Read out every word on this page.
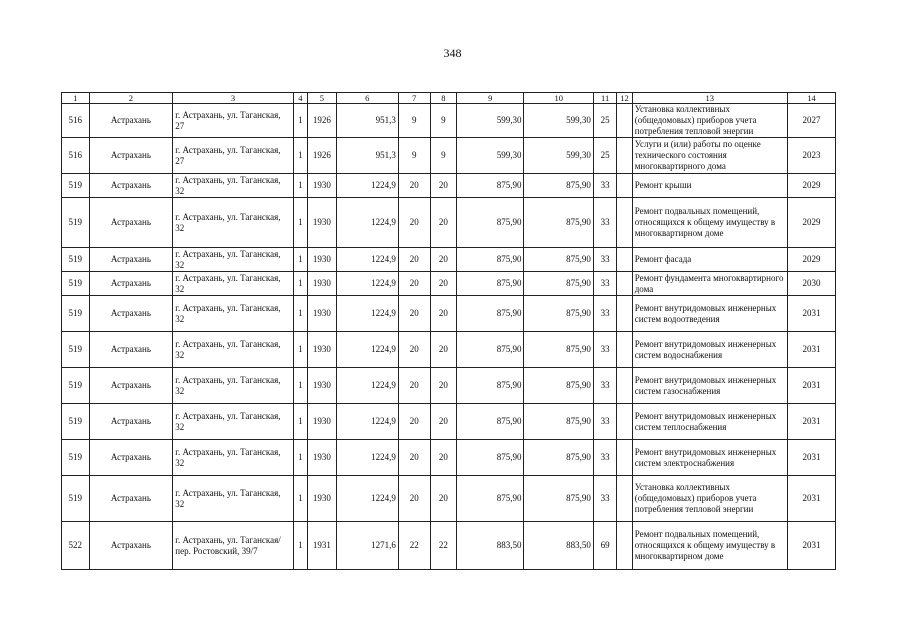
348
1	2	3	4	5	6	7	8	9	10	11	12	13	14
516	Астрахань	г. Астрахань, ул. Таганская, 27	1	1926	951,3	9	9	599,30	599,30	25		Установка коллективных (общедомовых) приборов учета потребления тепловой энергии	2027
516	Астрахань	г. Астрахань, ул. Таганская, 27	1	1926	951,3	9	9	599,30	599,30	25		Услуги и (или) работы по оценке технического состояния многоквартирного дома	2023
519	Астрахань	г. Астрахань, ул. Таганская, 32	1	1930	1224,9	20	20	875,90	875,90	33		Ремонт крыши	2029
519	Астрахань	г. Астрахань, ул. Таганская, 32	1	1930	1224,9	20	20	875,90	875,90	33		Ремонт подвальных помещений, относящихся к общему имуществу в многоквартирном доме	2029
519	Астрахань	г. Астрахань, ул. Таганская, 32	1	1930	1224,9	20	20	875,90	875,90	33		Ремонт фасада	2029
519	Астрахань	г. Астрахань, ул. Таганская, 32	1	1930	1224,9	20	20	875,90	875,90	33		Ремонт фундамента многоквартирного дома	2030
519	Астрахань	г. Астрахань, ул. Таганская, 32	1	1930	1224,9	20	20	875,90	875,90	33		Ремонт внутридомовых инженерных систем водоотведения	2031
519	Астрахань	г. Астрахань, ул. Таганская, 32	1	1930	1224,9	20	20	875,90	875,90	33		Ремонт внутридомовых инженерных систем водоснабжения	2031
519	Астрахань	г. Астрахань, ул. Таганская, 32	1	1930	1224,9	20	20	875,90	875,90	33		Ремонт внутридомовых инженерных систем газоснабжения	2031
519	Астрахань	г. Астрахань, ул. Таганская, 32	1	1930	1224,9	20	20	875,90	875,90	33		Ремонт внутридомовых инженерных систем теплоснабжения	2031
519	Астрахань	г. Астрахань, ул. Таганская, 32	1	1930	1224,9	20	20	875,90	875,90	33		Ремонт внутридомовых инженерных систем электроснабжения	2031
519	Астрахань	г. Астрахань, ул. Таганская, 32	1	1930	1224,9	20	20	875,90	875,90	33		Установка коллективных (общедомовых) приборов учета потребления тепловой энергии	2031
522	Астрахань	г. Астрахань, ул. Таганская/пер. Ростовский, 39/7	1	1931	1271,6	22	22	883,50	883,50	69		Ремонт подвальных помещений, относящихся к общему имуществу в многоквартирном доме	2031
